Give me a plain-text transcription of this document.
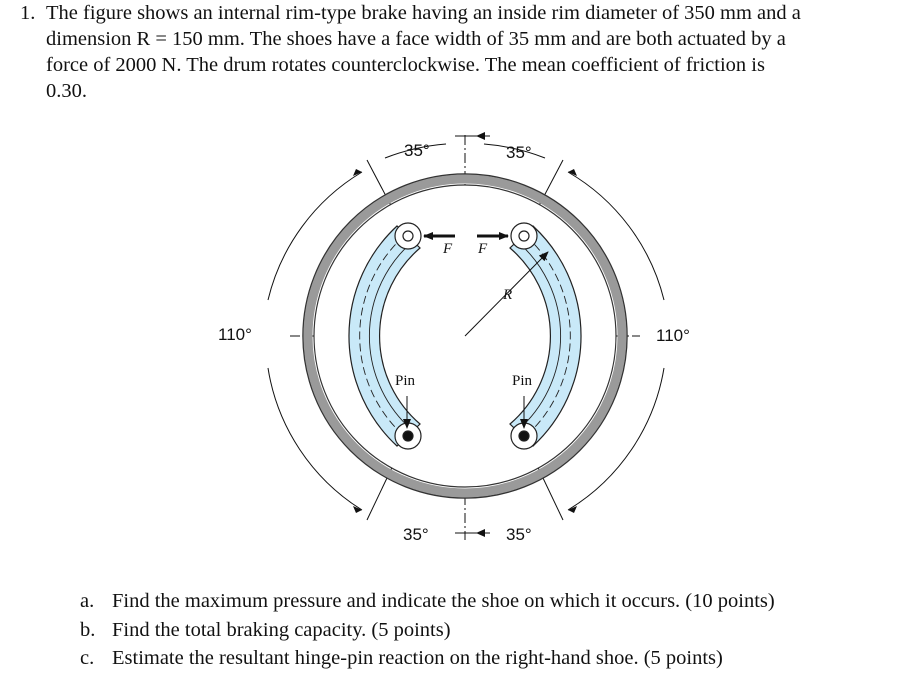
1. The figure shows an internal rim-type brake having an inside rim diameter of 350 mm and a
dimension R = 150 mm. The shoes have a face width of 35 mm and are both actuated by a
force of 2000 N. The drum rotates counterclockwise. The mean coefficient of friction is
0.30.
35°	35°
110°	110°
35°	35°
F F
R
Pin	Pin
a. Find the maximum pressure and indicate the shoe on which it occurs. (10 points)
b. Find the total braking capacity. (5 points)
c. Estimate the resultant hinge-pin reaction on the right-hand shoe. (5 points)
